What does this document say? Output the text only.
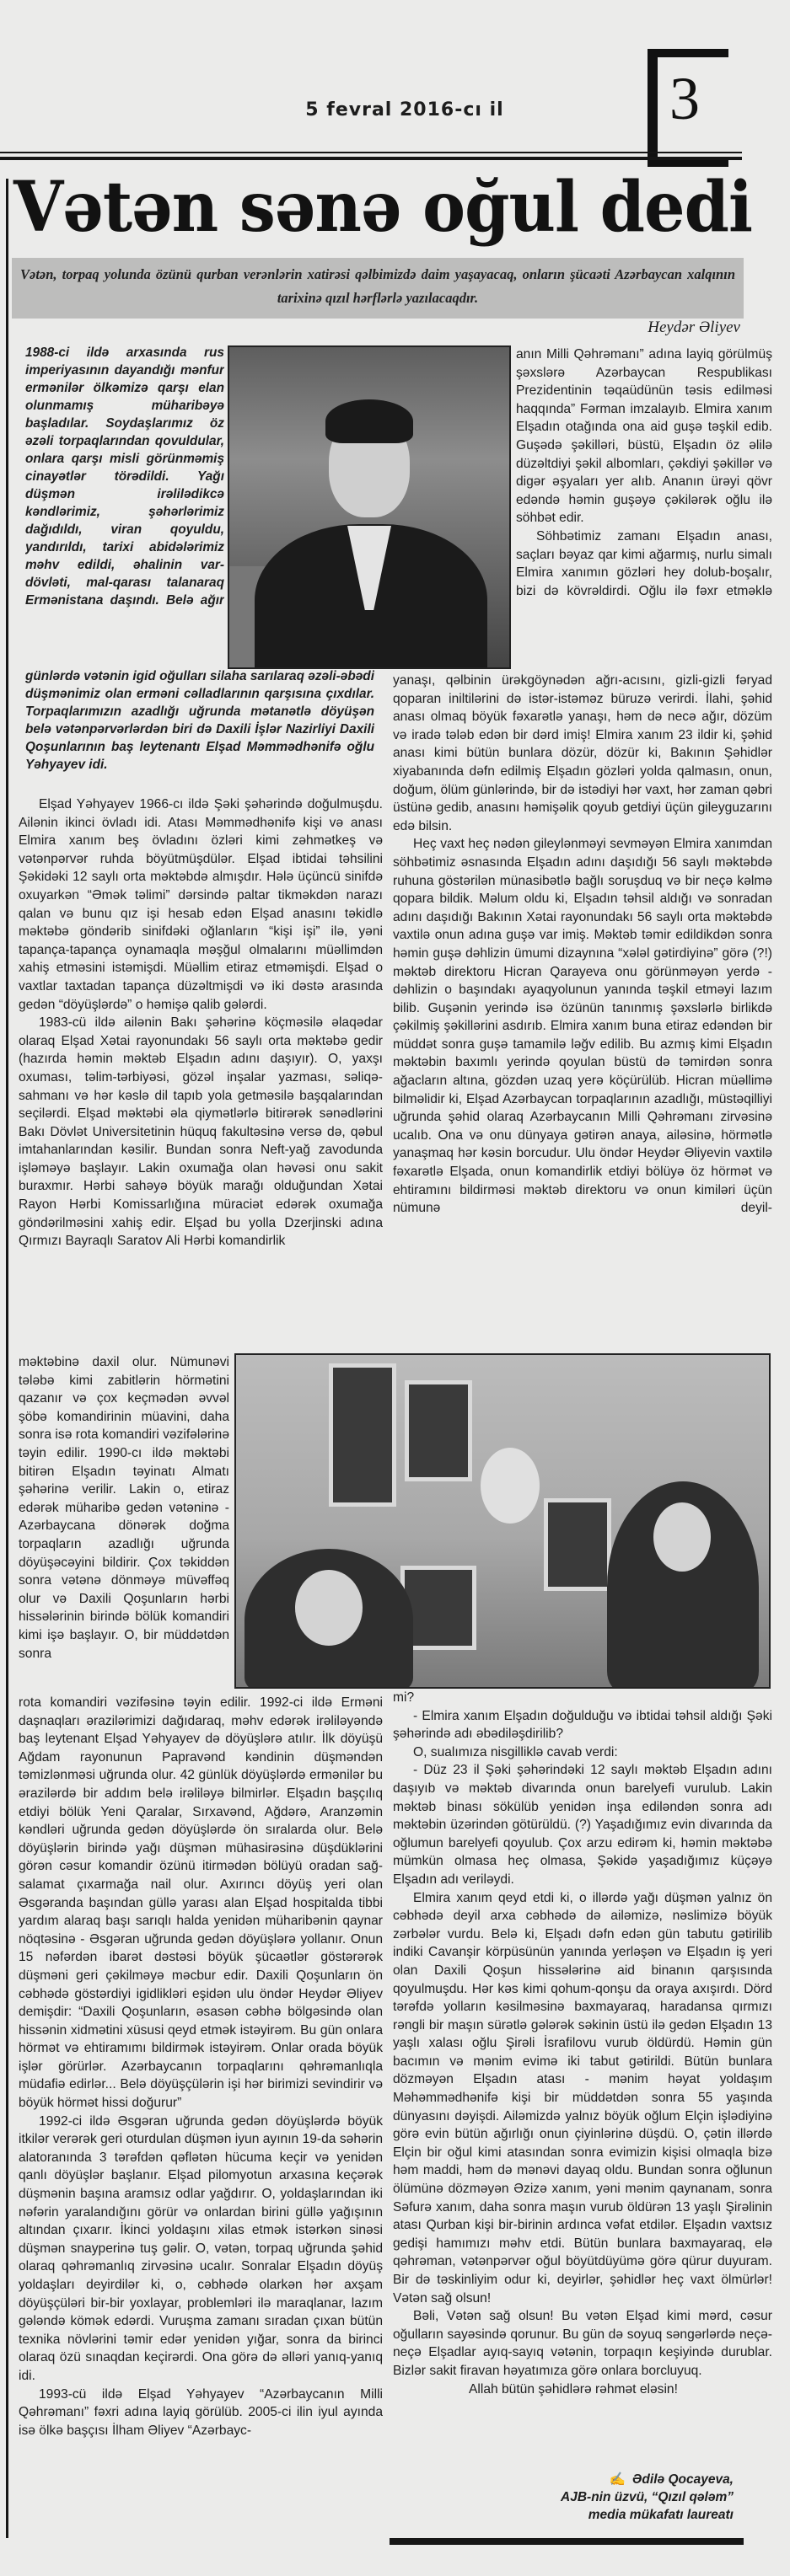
5 fevral 2016-cı il	3
Vətən sənə oğul dedi
Vətən, torpaq yolunda özünü qurban verənlərin xatirəsi qəlbimizdə daim yaşayacaq, onların şücaəti Azərbaycan xalqının tarixinə qızıl hərflərlə yazılacaqdır.
Heydər Əliyev

1988-ci ildə arxasında rus imperiyasının dayandığı mənfur ermənilər ölkəmizə qarşı elan olunmamış müharibəyə başladılar. Soydaşlarımız öz əzəli torpaqlarından qovuldular, onlara qarşı misli görünməmiş cinayətlər törədildi. Yağı düşmən irəlilədikcə kəndlərimiz, şəhərlərimiz dağıdıldı, viran qoyuldu, yandırıldı, tarixi abidələrimiz məhv edildi, əhalinin var-dövləti, mal-qarası talanaraq Ermənistana daşındı. Belə ağır

günlərdə vətənin igid oğulları silaha sarılaraq əzəli-əbədi düşmənimiz olan erməni cəlladlarının qarşısına çıxdılar. Torpaqlarımızın azadlığı uğrunda mətanətlə döyüşən belə vətənpərvərlərdən biri də Daxili İşlər Nazirliyi Daxili Qoşunlarının baş leytenantı Elşad Məmmədhənifə oğlu Yəhyayev idi.

Elşad Yəhyayev 1966-cı ildə Şəki şəhərində doğulmuşdu. Ailənin ikinci övladı idi. Atası Məmmədhənifə kişi və anası Elmira xanım beş övladını özləri kimi zəhmətkeş və vətənpərvər ruhda böyütmüşdülər. Elşad ibtidai təhsilini Şəkidəki 12 saylı orta məktəbdə almışdır. Hələ üçüncü sinifdə oxuyarkən “Əmək təlimi” dərsində paltar tikməkdən narazı qalan və bunu qız işi hesab edən Elşad anasını təkidlə məktəbə göndərib sinifdəki oğlanların “kişi işi” ilə, yəni tapança-tapança oynamaqla məşğul olmalarını müəllimdən xahiş etməsini istəmişdi. Müəllim etiraz etməmişdi. Elşad o vaxtlar taxtadan tapança düzəltmişdi və iki dəstə arasında gedən “döyüşlərdə” o həmişə qalib gələrdi.

1983-cü ildə ailənin Bakı şəhərinə köçməsilə əlaqədar olaraq Elşad Xətai rayonundakı 56 saylı orta məktəbə gedir (hazırda həmin məktəb Elşadın adını daşıyır). O, yaxşı oxuması, təlim-tərbiyəsi, gözəl inşalar yazması, səliqə-sahmanı və hər kəslə dil tapıb yola getməsilə başqalarından seçilərdi. Elşad məktəbi əla qiymətlərlə bitirərək sənədlərini Bakı Dövlət Universitetinin hüquq fakultəsinə versə də, qəbul imtahanlarından kəsilir. Bundan sonra Neft-yağ zavodunda işləməyə başlayır. Lakin oxumağa olan həvəsi onu sakit buraxmır. Hərbi sahəyə böyük marağı olduğundan Xətai Rayon Hərbi Komissarlığına müraciət edərək oxumağa göndərilməsini xahiş edir. Elşad bu yolla Dzerjinski adına Qırmızı Bayraqlı Saratov Ali Hərbi komandirlik

məktəbinə daxil olur. Nümunəvi tələbə kimi zabitlərin hörmətini qazanır və çox keçmədən əvvəl şöbə komandirinin müavini, daha sonra isə rota komandiri vəzifələrinə təyin edilir. 1990-cı ildə məktəbi bitirən Elşadın təyinatı Almatı şəhərinə verilir. Lakin o, etiraz edərək müharibə gedən vətəninə - Azərbaycana dönərək doğma torpaqların azadlığı uğrunda döyüşəcəyini bildirir. Çox təkiddən sonra vətənə dönməyə müvəffəq olur və Daxili Qoşunların hərbi hissələrinin birində bölük komandiri kimi işə başlayır. O, bir müddətdən sonra

rota komandiri vəzifəsinə təyin edilir. 1992-ci ildə Erməni daşnaqları ərazilərimizi dağıdaraq, məhv edərək irəliləyəndə baş leytenant Elşad Yəhyayev də döyüşlərə atılır. İlk döyüşü Ağdam rayonunun Papravənd kəndinin düşməndən təmizlənməsi uğrunda olur. 42 günlük döyüşlərdə ermənilər bu ərazilərdə bir addım belə irəliləyə bilmirlər. Elşadın başçılıq etdiyi bölük Yeni Qaralar, Sırxavənd, Ağdərə, Aranzəmin kəndləri uğrunda gedən döyüşlərdə ön sıralarda olur. Belə döyüşlərin birində yağı düşmən mühasirəsinə düşdüklərini görən cəsur komandir özünü itirmədən bölüyü oradan sağ-salamat çıxarmağa nail olur. Axırıncı döyüş yeri olan Əsgəranda başından güllə yarası alan Elşad hospitalda tibbi yardım alaraq başı sarıqlı halda yenidən müharibənin qaynar nöqtəsinə - Əsgəran uğrunda gedən döyüşlərə yollanır. Onun 15 nəfərdən ibarət dəstəsi böyük şücaətlər göstərərək düşməni geri çəkilməyə məcbur edir. Daxili Qoşunların ön cəbhədə göstərdiyi igidlikləri eşidən ulu öndər Heydər Əliyev demişdir: “Daxili Qoşunların, əsasən cəbhə bölgəsində olan hissənin xidmətini xüsusi qeyd etmək istəyirəm. Bu gün onlara hörmət və ehtiramımı bildirmək istəyirəm. Onlar orada böyük işlər görürlər. Azərbaycanın torpaqlarını qəhrəmanlıqla müdafiə edirlər... Belə döyüşçülərin işi hər birimizi sevindirir və böyük hörmət hissi doğurur”

1992-ci ildə Əsgəran uğrunda gedən döyüşlərdə böyük itkilər verərək geri oturdulan düşmən iyun ayının 19-da səhərin alatoranında 3 tərəfdən qəflətən hücuma keçir və yenidən qanlı döyüşlər başlanır. Elşad pilomyotun arxasına keçərək düşmənin başına aramsız odlar yağdırır. O, yoldaşlarından iki nəfərin yaralandığını görür və onlardan birini güllə yağışının altından çıxarır. İkinci yoldaşını xilas etmək istərkən sinəsi düşmən snayperinə tuş gəlir. O, vətən, torpaq uğrunda şəhid olaraq qəhrəmanlıq zirvəsinə ucalır. Sonralar Elşadın döyüş yoldaşları deyirdilər ki, o, cəbhədə olarkən hər axşam döyüşçüləri bir-bir yoxlayar, problemləri ilə maraqlanar, lazım gələndə kömək edərdi. Vuruşma zamanı sıradan çıxan bütün texnika növlərini təmir edər yenidən yığar, sonra da birinci olaraq özü sınaqdan keçirərdi. Ona görə də əlləri yanıq-yanıq idi.

1993-cü ildə Elşad Yəhyayev “Azərbaycanın Milli Qəhrəmanı” fəxri adına layiq görülüb. 2005-ci ilin iyul ayında isə ölkə başçısı İlham Əliyev “Azərbayc-

anın Milli Qəhrəmanı” adına layiq görülmüş şəxslərə Azərbaycan Respublikası Prezidentinin təqaüdünün təsis edilməsi haqqında” Fərman imzalayıb. Elmira xanım Elşadın otağında ona aid guşə təşkil edib. Guşədə şəkilləri, büstü, Elşadın öz əlilə düzəltdiyi şəkil albomları, çəkdiyi şəkillər və digər əşyaları yer alıb. Ananın ürəyi qövr edəndə həmin guşəyə çəkilərək oğlu ilə söhbət edir.

Söhbətimiz zamanı Elşadın anası, saçları bəyaz qar kimi ağarmış, nurlu simalı Elmira xanımın gözləri hey dolub-boşalır, bizi də kövrəldirdi. Oğlu ilə fəxr etməklə

yanaşı, qəlbinin ürəkgöynədən ağrı-acısını, gizli-gizli fəryad qoparan iniltilərini də istər-istəməz büruzə verirdi. İlahi, şəhid anası olmaq böyük fəxarətlə yanaşı, həm də necə ağır, dözüm və iradə tələb edən bir dərd imiş! Elmira xanım 23 ildir ki, şəhid anası kimi bütün bunlara dözür, dözür ki, Bakının Şəhidlər xiyabanında dəfn edilmiş Elşadın gözləri yolda qalmasın, onun, doğum, ölüm günlərində, bir də istədiyi hər vaxt, hər zaman qəbri üstünə gedib, anasını həmişəlik qoyub getdiyi üçün gileyguzarını edə bilsin.

Heç vaxt heç nədən gileylənməyi sevməyən Elmira xanımdan söhbətimiz əsnasında Elşadın adını daşıdığı 56 saylı məktəbdə ruhuna göstərilən münasibətlə bağlı soruşduq və bir neçə kəlmə qopara bildik. Məlum oldu ki, Elşadın təhsil aldığı və sonradan adını daşıdığı Bakının Xətai rayonundakı 56 saylı orta məktəbdə vaxtilə onun adına guşə var imiş. Məktəb təmir edildikdən sonra həmin guşə dəhlizin ümumi dizaynına “xələl gətirdiyinə” görə (?!) məktəb direktoru Hicran Qarayeva onu görünməyən yerdə - dəhlizin o başındakı ayaqyolunun yanında təşkil etməyi lazım bilib. Guşənin yerində isə özünün tanınmış şəxslərlə birlikdə çəkilmiş şəkillərini asdırıb. Elmira xanım buna etiraz edəndən bir müddət sonra guşə tamamilə ləğv edilib. Bu azmış kimi Elşadın məktəbin baxımlı yerində qoyulan büstü də təmirdən sonra ağacların altına, gözdən uzaq yerə köçürülüb. Hicran müəllimə bilməlidir ki, Elşad Azərbaycan torpaqlarının azadlığı, müstəqilliyi uğrunda şəhid olaraq Azərbaycanın Milli Qəhrəmanı zirvəsinə ucalıb. Ona və onu dünyaya gətirən anaya, ailəsinə, hörmətlə yanaşmaq hər kəsin borcudur. Ulu öndər Heydər Əliyevin vaxtilə fəxarətlə Elşada, onun komandirlik etdiyi bölüyə öz hörmət və ehtiramını bildirməsi məktəb direktoru və onun kimiləri üçün nümunə deyil-

mi?

- Elmira xanım Elşadın doğulduğu və ibtidai təhsil aldığı Şəki şəhərində adı əbədiləşdirilib?

O, sualımıza nisgilliklə cavab verdi:

- Düz 23 il Şəki şəhərindəki 12 saylı məktəb Elşadın adını daşıyıb və məktəb divarında onun barelyefi vurulub. Lakin məktəb binası sökülüb yenidən inşa ediləndən sonra adı məktəbin üzərindən götürüldü. (?) Yaşadığımız evin divarında da oğlumun barelyefi qoyulub. Çox arzu edirəm ki, həmin məktəbə mümkün olmasa heç olmasa, Şəkidə yaşadığımız küçəyə Elşadın adı veriləydi.

Elmira xanım qeyd etdi ki, o illərdə yağı düşmən yalnız ön cəbhədə deyil arxa cəbhədə də ailəmizə, nəslimizə böyük zərbələr vurdu. Belə ki, Elşadı dəfn edən gün tabutu gətirilib indiki Cavanşir körpüsünün yanında yerləşən və Elşadın iş yeri olan Daxili Qoşun hissələrinə aid binanın qarşısında qoyulmuşdu. Hər kəs kimi qohum-qonşu da oraya axışırdı. Dörd tərəfdə yolların kəsilməsinə baxmayaraq, haradansa qırmızı rəngli bir maşın sürətlə gələrək səkinin üstü ilə gedən Elşadın 13 yaşlı xalası oğlu Şirəli İsrafilovu vurub öldürdü. Həmin gün bacımın və mənim evimə iki tabut gətirildi. Bütün bunlara dözməyən Elşadın atası - mənim həyat yoldaşım Məhəmmədhənifə kişi bir müddətdən sonra 55 yaşında dünyasını dəyişdi. Ailəmizdə yalnız böyük oğlum Elçin işlədiyinə görə evin bütün ağırlığı onun çiyinlərinə düşdü. O, çətin illərdə Elçin bir oğul kimi atasından sonra evimizin kişisi olmaqla bizə həm maddi, həm də mənəvi dayaq oldu. Bundan sonra oğlunun ölümünə dözməyən Əzizə xanım, yəni mənim qaynanam, sonra Səfurə xanım, daha sonra maşın vurub öldürən 13 yaşlı Şirəlinin atası Qurban kişi bir-birinin ardınca vəfat etdilər. Elşadın vaxtsız gedişi hamımızı məhv etdi. Bütün bunlara baxmayaraq, elə qəhrəman, vətənpərvər oğul böyütdüyümə görə qürur duyuram. Bir də təskinliyim odur ki, deyirlər, şəhidlər heç vaxt ölmürlər! Vətən sağ olsun!

Bəli, Vətən sağ olsun! Bu vətən Elşad kimi mərd, cəsur oğulların sayəsində qorunur. Bu gün də soyuq səngərlərdə neçə-neçə Elşadlar ayıq-sayıq vətənin, torpaqın keşiyində durublar. Bizlər sakit firavan həyatımıza görə onlara borcluyuq.

Allah bütün şəhidlərə rəhmət eləsin!

✍ Ədilə Qocayeva,
AJB-nin üzvü, “Qızıl qələm”
media mükafatı laureatı
